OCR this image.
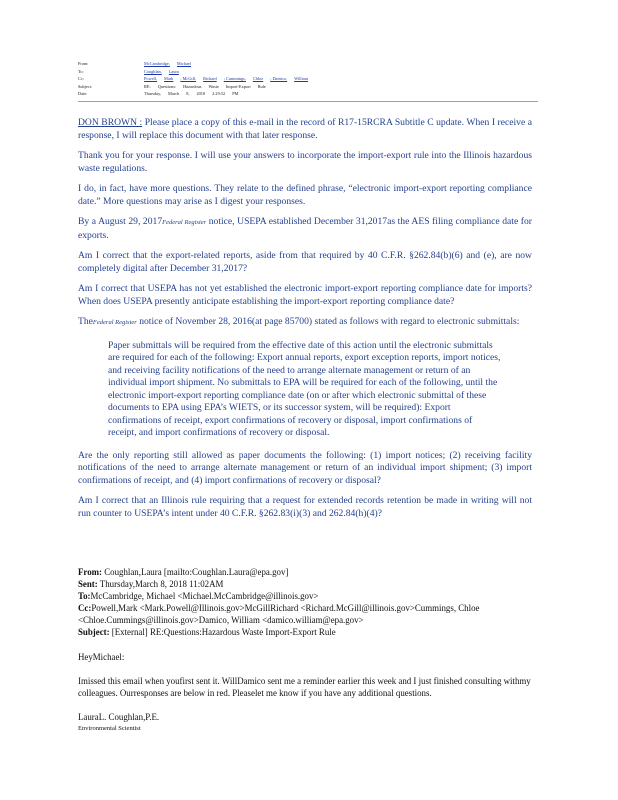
From:	McCambridge, Michael
To:	Coughlan, Laura
Cc:	Powell, Mark ; McGill, Richard ; Cummings, Chloe ; Damico, William
Subject:	RE: Questions: Hazardous Waste Import-Export Rule
Date:	Thursday, March 8, 2018 2:29:52 PM

DON BROWN : Please place a copy of this e-mail in the record of R17-15RCRA Subtitle C update. When I receive a response, I will replace this document with that later response.

Thank you for your response. I will use your answers to incorporate the import-export rule into the Illinois hazardous waste regulations.

I do, in fact, have more questions. They relate to the defined phrase, “electronic import-export reporting compliance date.” More questions may arise as I digest your responses.

By a August 29, 2017Federal Register notice, USEPA established December 31,2017as the AES filing compliance date for exports.

Am I correct that the export-related reports, aside from that required by 40 C.F.R. §262.84(b)(6) and (e), are now completely digital after December 31,2017?

Am I correct that USEPA has not yet established the electronic import-export reporting compliance date for imports? When does USEPA presently anticipate establishing the import-export reporting compliance date?

TheFederal Register notice of November 28, 2016(at page 85700) stated as follows with regard to electronic submittals:

Paper submittals will be required from the effective date of this action until the electronic submittals are required for each of the following: Export annual reports, export exception reports, import notices, and receiving facility notifications of the need to arrange alternate management or return of an individual import shipment. No submittals to EPA will be required for each of the following, until the electronic import-export reporting compliance date (on or after which electronic submittal of these documents to EPA using EPA’s WIETS, or its successor system, will be required): Export confirmations of receipt, export confirmations of recovery or disposal, import confirmations of receipt, and import confirmations of recovery or disposal.

Are the only reporting still allowed as paper documents the following: (1) import notices; (2) receiving facility notifications of the need to arrange alternate management or return of an individual import shipment; (3) import confirmations of receipt, and (4) import confirmations of recovery or disposal?

Am I correct that an Illinois rule requiring that a request for extended records retention be made in writing will not run counter to USEPA’s intent under 40 C.F.R. §262.83(i)(3) and 262.84(h)(4)?

From: Coughlan,Laura [mailto:Coughlan.Laura@epa.gov]

Sent: Thursday,March 8, 2018 11:02AM

To:McCambridge, Michael <Michael.McCambridge@illinois.gov>

Cc:Powell,Mark <Mark.Powell@Illinois.gov>McGillRichard <Richard.McGill@illinois.gov>Cummings, Chloe

<Chloe.Cummings@illinois.gov>Damico, William <damico.william@epa.gov>

Subject: [External] RE:Questions:Hazardous Waste Import-Export Rule

HeyMichael:

Imissed this email when youfirst sent it. WillDamico sent me a reminder earlier this week and I just finished consulting withmy colleagues. Ourresponses are below in red. Pleaselet me know if you have any additional questions.

LauraL. Coughlan,P.E.

Environmental Scientist
